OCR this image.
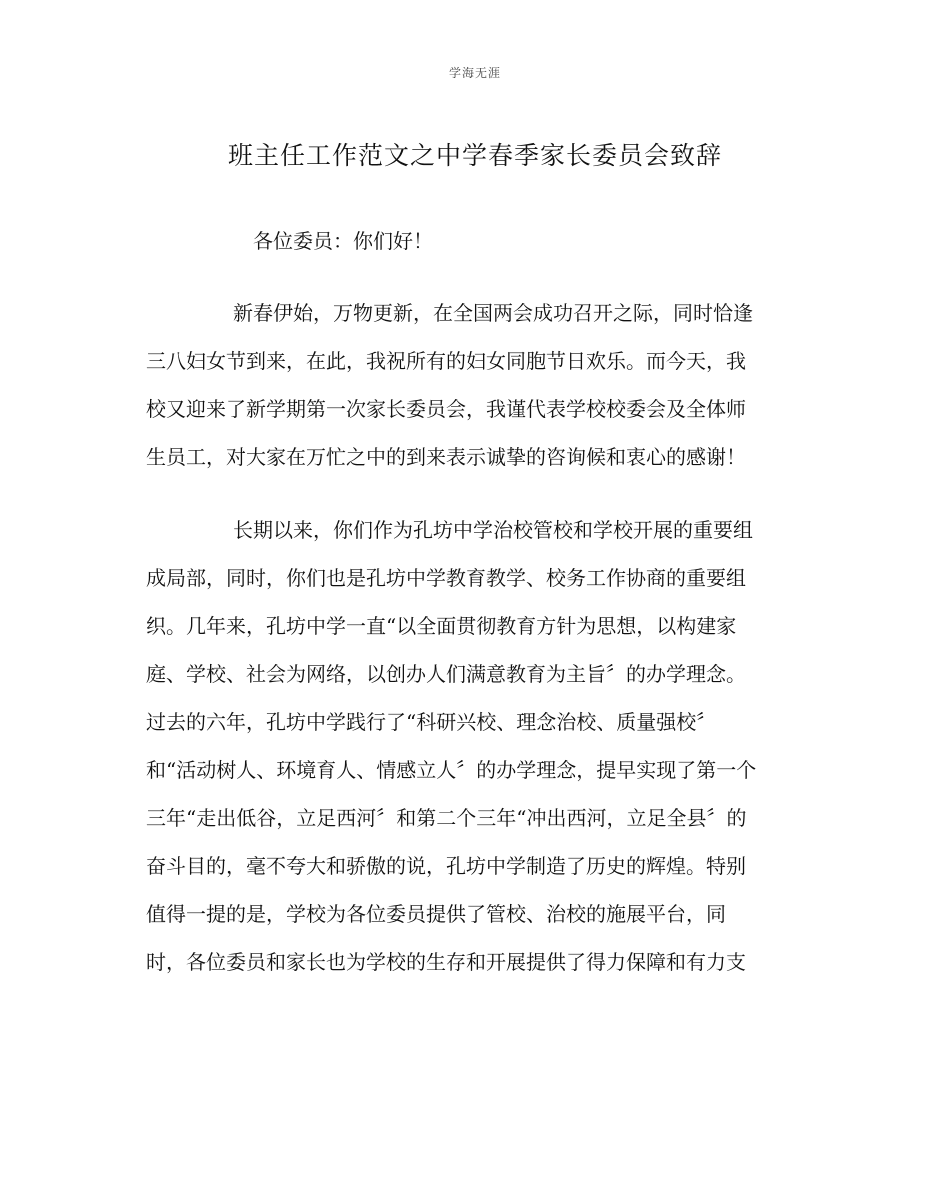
学海无涯
班主任工作范文之中学春季家长委员会致辞
各位委员：你们好！
新春伊始，万物更新，在全国两会成功召开之际，同时恰逢
三八妇女节到来，在此，我祝所有的妇女同胞节日欢乐。而今天，我
校又迎来了新学期第一次家长委员会，我谨代表学校校委会及全体师
生员工，对大家在万忙之中的到来表示诚挚的咨询候和衷心的感谢！
长期以来，你们作为孔坊中学治校管校和学校开展的重要组
成局部，同时，你们也是孔坊中学教育教学、校务工作协商的重要组
织。几年来，孔坊中学一直“以全面贯彻教育方针为思想，以构建家
庭、学校、社会为网络，以创办人们满意教育为主旨〞的办学理念。
过去的六年，孔坊中学践行了“科研兴校、理念治校、质量强校〞
和“活动树人、环境育人、情感立人〞的办学理念，提早实现了第一个
三年“走出低谷，立足西河〞和第二个三年“冲出西河，立足全县〞的
奋斗目的，毫不夸大和骄傲的说，孔坊中学制造了历史的辉煌。特别
值得一提的是，学校为各位委员提供了管校、治校的施展平台，同
时，各位委员和家长也为学校的生存和开展提供了得力保障和有力支
